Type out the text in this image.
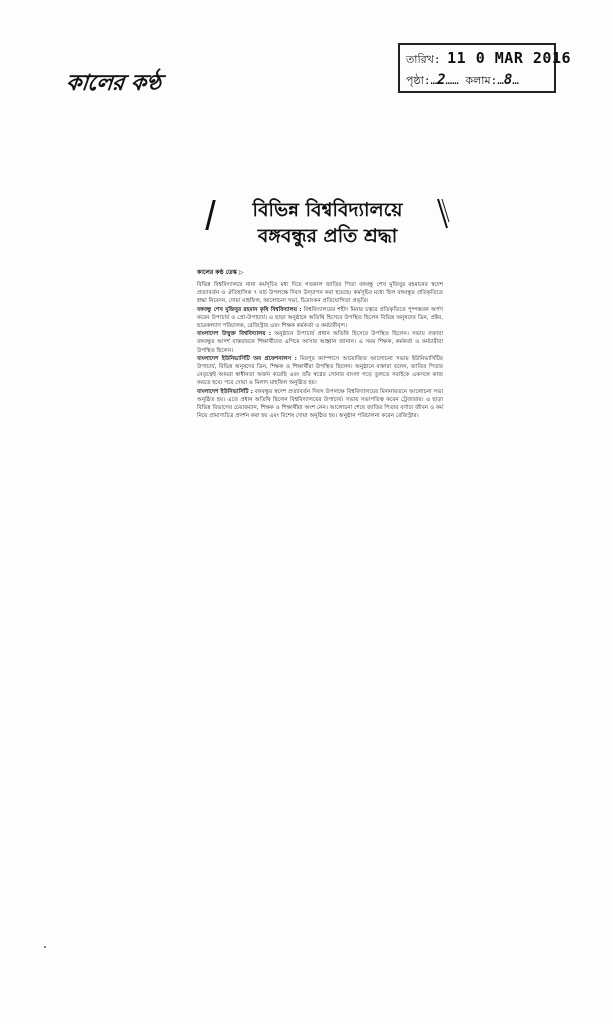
কালের কণ্ঠ
তারিখ: 11 0 MAR 2016
পৃষ্ঠা:…2…… কলাম:…8…
বিভিন্ন বিশ্ববিদ্যালয়ে
বঙ্গবন্ধুর প্রতি শ্রদ্ধা
কালের কণ্ঠ ডেস্ক ▷

বিভিন্ন বিশ্ববিদ্যালয়ে নানা কর্মসূচির মধ্য দিয়ে গতকাল জাতির পিতা বঙ্গবন্ধু শেখ মুজিবুর রহমানের স্বদেশ প্রত্যাবর্তন ও ঐতিহাসিক ৭ মার্চ উপলক্ষে দিবস উদ্‌যাপন করা হয়েছে। কর্মসূচির মধ্যে ছিল বঙ্গবন্ধুর প্রতিকৃতিতে শ্রদ্ধা নিবেদন, দোয়া মাহফিল, আলোচনা সভা, চিত্রাংকন প্রতিযোগিতা প্রভৃতি।

বঙ্গবন্ধু শেখ মুজিবুর রহমান কৃষি বিশ্ববিদ্যালয় : বিশ্ববিদ্যালয়ের শহীদ মিনার চত্বরে প্রতিকৃতিতে পুষ্পস্তবক অর্পণ করেন উপাচার্য ও প্রো-উপাচার্য। এ ছাড়া অনুষ্ঠানে অতিথি হিসেবে উপস্থিত ছিলেন বিভিন্ন অনুষদের ডিন, প্রক্টর, ছাত্রকল্যাণ পরিচালক, রেজিস্ট্রার এবং শিক্ষক কর্মকর্তা ও কর্মচারীবৃন্দ।

বাংলাদেশ উন্মুক্ত বিশ্ববিদ্যালয় : অনুষ্ঠানে উপাচার্য প্রধান অতিথি হিসেবে উপস্থিত ছিলেন। সভায় বক্তারা বঙ্গবন্ধুর আদর্শ বাস্তবায়নে শিক্ষার্থীদের এগিয়ে আসার আহ্বান জানান। এ সময় শিক্ষক, কর্মকর্তা ও কর্মচারীরা উপস্থিত ছিলেন।

বাংলাদেশ ইউনিভার্সিটি অব প্রফেশনালস : মিরপুর ক্যাম্পাসে আয়োজিত আলোচনা সভায় ইউনিভার্সিটির উপাচার্য, বিভিন্ন অনুষদের ডিন, শিক্ষক ও শিক্ষার্থীরা উপস্থিত ছিলেন। অনুষ্ঠানে বক্তারা বলেন, জাতির পিতার নেতৃত্বেই আমরা স্বাধীনতা অর্জন করেছি এবং তাঁর স্বপ্নের সোনার বাংলা গড়ে তুলতে সবাইকে একসঙ্গে কাজ করতে হবে। পরে দোয়া ও মিলাদ মাহফিল অনুষ্ঠিত হয়।

বাংলাদেশ ইউনিভার্সিটি : বঙ্গবন্ধুর স্বদেশ প্রত্যাবর্তন দিবস উপলক্ষে বিশ্ববিদ্যালয়ের মিলনায়তনে আলোচনা সভা অনুষ্ঠিত হয়। এতে প্রধান অতিথি ছিলেন বিশ্ববিদ্যালয়ের উপাচার্য। সভায় সভাপতিত্ব করেন ট্রেজারার। এ ছাড়া বিভিন্ন বিভাগের চেয়ারম্যান, শিক্ষক ও শিক্ষার্থীরা অংশ নেন। আলোচনা শেষে জাতির পিতার বর্ণাঢ্য জীবন ও কর্ম নিয়ে প্রামাণ্যচিত্র প্রদর্শন করা হয় এবং বিশেষ দোয়া অনুষ্ঠিত হয়। অনুষ্ঠান পরিচালনা করেন রেজিস্ট্রার।
